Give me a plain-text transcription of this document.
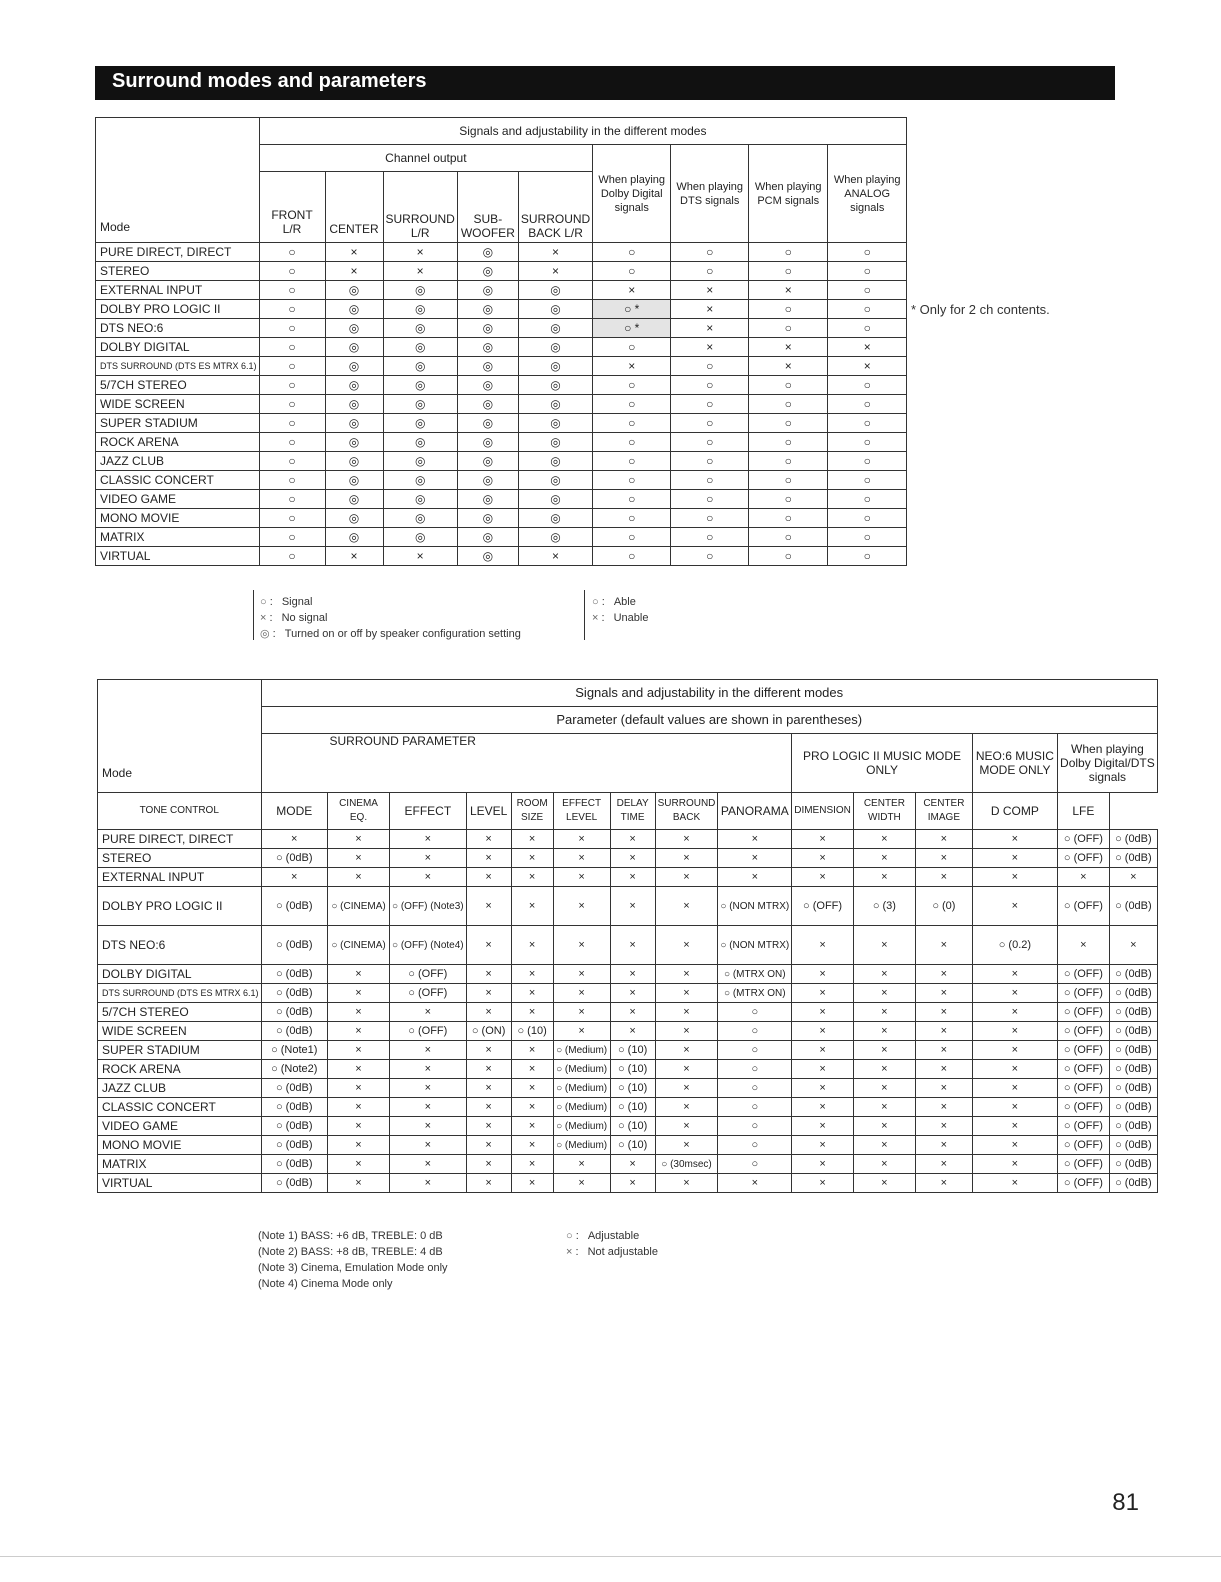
Surround modes and parameters
Mode	Signals and adjustability in the different modes								
	Channel output					When playing Dolby Digital signals	When playing DTS signals	When playing PCM signals	When playing ANALOG signals
	FRONT L/R	CENTER	SURROUND L/R	SUB- WOOFER	SURROUND BACK L/R				
PURE DIRECT, DIRECT	○	×	×	◎	×	○	○	○	○
STEREO	○	×	×	◎	×	○	○	○	○
EXTERNAL INPUT	○	◎	◎	◎	◎	×	×	×	○
DOLBY PRO LOGIC II	○	◎	◎	◎	◎	○ *	×	○	○
DTS NEO:6	○	◎	◎	◎	◎	○ *	×	○	○
DOLBY DIGITAL	○	◎	◎	◎	◎	○	×	×	×
DTS SURROUND (DTS ES MTRX 6.1)	○	◎	◎	◎	◎	×	○	×	×
5/7CH STEREO	○	◎	◎	◎	◎	○	○	○	○
WIDE SCREEN	○	◎	◎	◎	◎	○	○	○	○
SUPER STADIUM	○	◎	◎	◎	◎	○	○	○	○
ROCK ARENA	○	◎	◎	◎	◎	○	○	○	○
JAZZ CLUB	○	◎	◎	◎	◎	○	○	○	○
CLASSIC CONCERT	○	◎	◎	◎	◎	○	○	○	○
VIDEO GAME	○	◎	◎	◎	◎	○	○	○	○
MONO MOVIE	○	◎	◎	◎	◎	○	○	○	○
MATRIX	○	◎	◎	◎	◎	○	○	○	○
VIRTUAL	○	×	×	◎	×	○	○	○	○
* Only for 2 ch contents.
○ : Signal
× : No signal
◎ : Turned on or off by speaker configuration setting
○ : Able
× : Unable
Mode	Signals and adjustability in the different modes														
	Parameter (default values are shown in parentheses)														
		SURROUND PARAMETER								PRO LOGIC II MUSIC MODE ONLY			NEO:6 MUSIC MODE ONLY	When playing Dolby Digital/DTS signals	

TONE CONTROL	MODE	CINEMA EQ.	EFFECT	LEVEL	ROOM SIZE	EFFECT LEVEL	DELAY TIME	SURROUND BACK	PANORAMA	DIMENSION	CENTER WIDTH	CENTER IMAGE	D COMP	LFE	
PURE DIRECT, DIRECT	×	×	×	×	×	×	×	×	×	×	×	×	×	○ (OFF)	○ (0dB)
STEREO	○ (0dB)	×	×	×	×	×	×	×	×	×	×	×	×	○ (OFF)	○ (0dB)
EXTERNAL INPUT	×	×	×	×	×	×	×	×	×	×	×	×	×	×	×
DOLBY PRO LOGIC II	○ (0dB)	○ (CINEMA)	○ (OFF) (Note3)	×	×	×	×	×	○ (NON MTRX)	○ (OFF)	○ (3)	○ (0)	×	○ (OFF)	○ (0dB)
DTS NEO:6	○ (0dB)	○ (CINEMA)	○ (OFF) (Note4)	×	×	×	×	×	○ (NON MTRX)	×	×	×	○ (0.2)	×	×
DOLBY DIGITAL	○ (0dB)	×	○ (OFF)	×	×	×	×	×	○ (MTRX ON)	×	×	×	×	○ (OFF)	○ (0dB)
DTS SURROUND (DTS ES MTRX 6.1)	○ (0dB)	×	○ (OFF)	×	×	×	×	×	○ (MTRX ON)	×	×	×	×	○ (OFF)	○ (0dB)
5/7CH STEREO	○ (0dB)	×	×	×	×	×	×	×	○	×	×	×	×	○ (OFF)	○ (0dB)
WIDE SCREEN	○ (0dB)	×	○ (OFF)	○ (ON)	○ (10)	×	×	×	○	×	×	×	×	○ (OFF)	○ (0dB)
SUPER STADIUM	○ (Note1)	×	×	×	×	○ (Medium)	○ (10)	×	○	×	×	×	×	○ (OFF)	○ (0dB)
ROCK ARENA	○ (Note2)	×	×	×	×	○ (Medium)	○ (10)	×	○	×	×	×	×	○ (OFF)	○ (0dB)
JAZZ CLUB	○ (0dB)	×	×	×	×	○ (Medium)	○ (10)	×	○	×	×	×	×	○ (OFF)	○ (0dB)
CLASSIC CONCERT	○ (0dB)	×	×	×	×	○ (Medium)	○ (10)	×	○	×	×	×	×	○ (OFF)	○ (0dB)
VIDEO GAME	○ (0dB)	×	×	×	×	○ (Medium)	○ (10)	×	○	×	×	×	×	○ (OFF)	○ (0dB)
MONO MOVIE	○ (0dB)	×	×	×	×	○ (Medium)	○ (10)	×	○	×	×	×	×	○ (OFF)	○ (0dB)
MATRIX	○ (0dB)	×	×	×	×	×	×	○ (30msec)	○	×	×	×	×	○ (OFF)	○ (0dB)
VIRTUAL	○ (0dB)	×	×	×	×	×	×	×	×	×	×	×	×	○ (OFF)	○ (0dB)
(Note 1) BASS: +6 dB, TREBLE: 0 dB
(Note 2) BASS: +8 dB, TREBLE: 4 dB
(Note 3) Cinema, Emulation Mode only
(Note 4) Cinema Mode only
○ : Adjustable
× : Not adjustable
81
